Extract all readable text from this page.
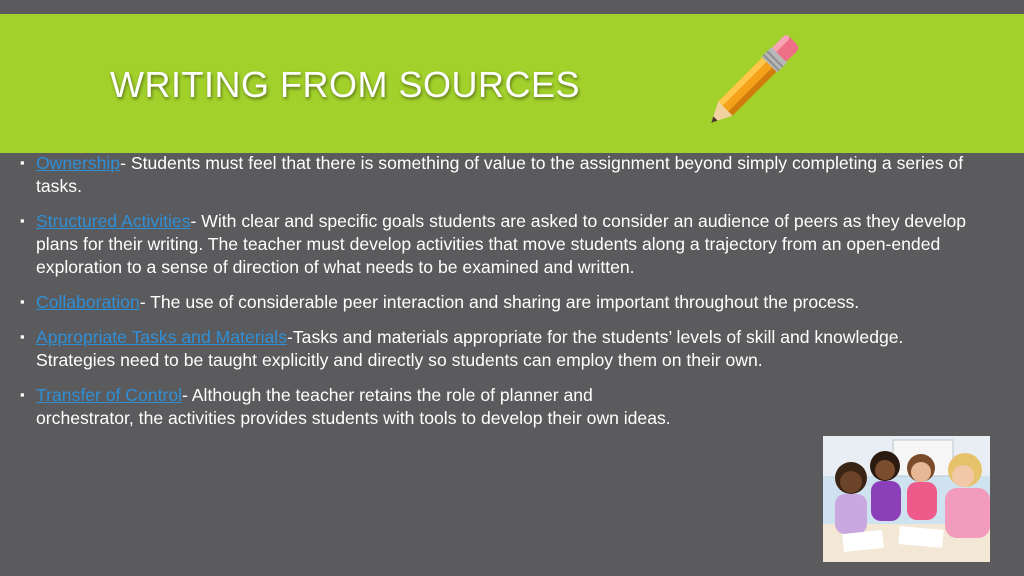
WRITING FROM SOURCES
▪ Ownership- Students must feel that there is something of value to the assignment beyond simply completing a series of tasks.
▪ Structured Activities- With clear and specific goals students are asked to consider an audience of peers as they develop plans for their writing. The teacher must develop activities that move students along a trajectory from an open-ended exploration to a sense of direction of what needs to be examined and written.
▪ Collaboration- The use of considerable peer interaction and sharing are important throughout the process.
▪ Appropriate Tasks and Materials-Tasks and materials appropriate for the students’ levels of skill and knowledge. Strategies need to be taught explicitly and directly so students can employ them on their own.
▪ Transfer of Control- Although the teacher retains the role of planner and
orchestrator, the activities provides students with tools to develop their own ideas.
